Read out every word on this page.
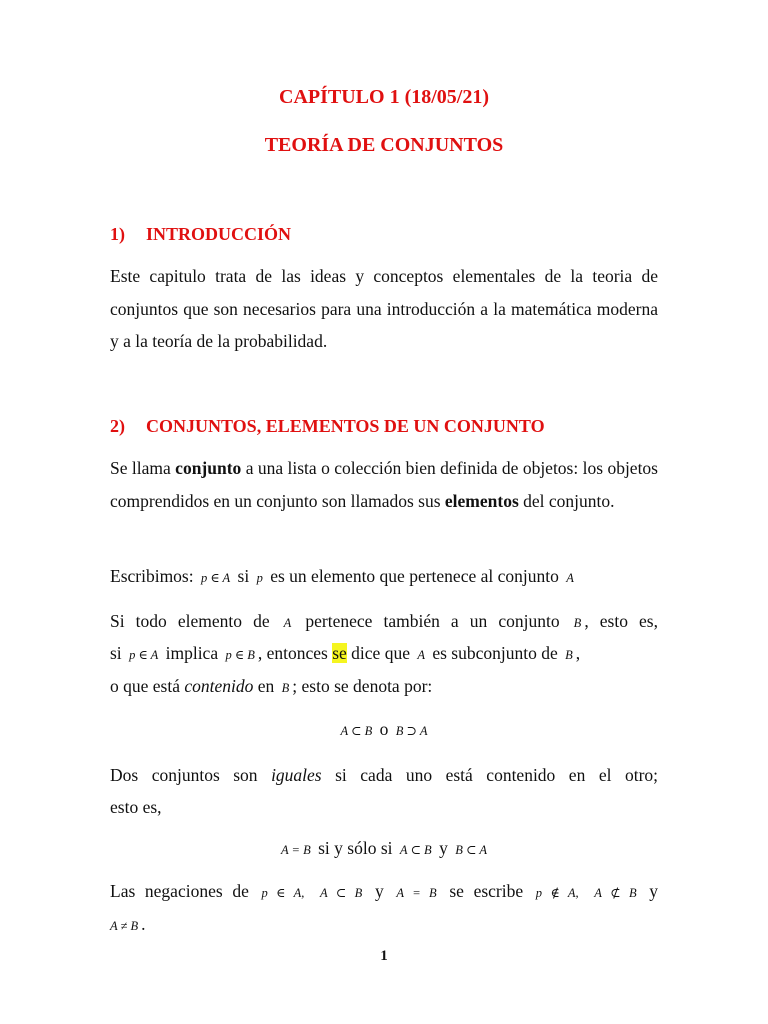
CAPÍTULO 1 (18/05/21)
TEORÍA DE CONJUNTOS
1) INTRODUCCIÓN
Este capitulo trata de las ideas y conceptos elementales de la teoria de conjuntos que son necesarios para una introducción a la matemática moderna y a la teoría de la probabilidad.
2) CONJUNTOS, ELEMENTOS DE UN CONJUNTO
Se llama conjunto a una lista o colección bien definida de objetos: los objetos comprendidos en un conjunto son llamados sus elementos del conjunto.
Escribimos: p ∈ A si p es un elemento que pertenece al conjunto A
Si todo elemento de A pertenece también a un conjunto B , esto es,
si p ∈ A implica p ∈ B , entonces se dice que A es subconjunto de B ,
o que está contenido en B ; esto se denota por:
A ⊂ B o B ⊃ A
Dos conjuntos son iguales si cada uno está contenido en el otro;
esto es,
A = B si y sólo si A ⊂ B y B ⊂ A
Las negaciones de p ∈ A, A ⊂ B y A = B se escribe p ∉ A, A ⊄ B y
A ≠ B .
1
